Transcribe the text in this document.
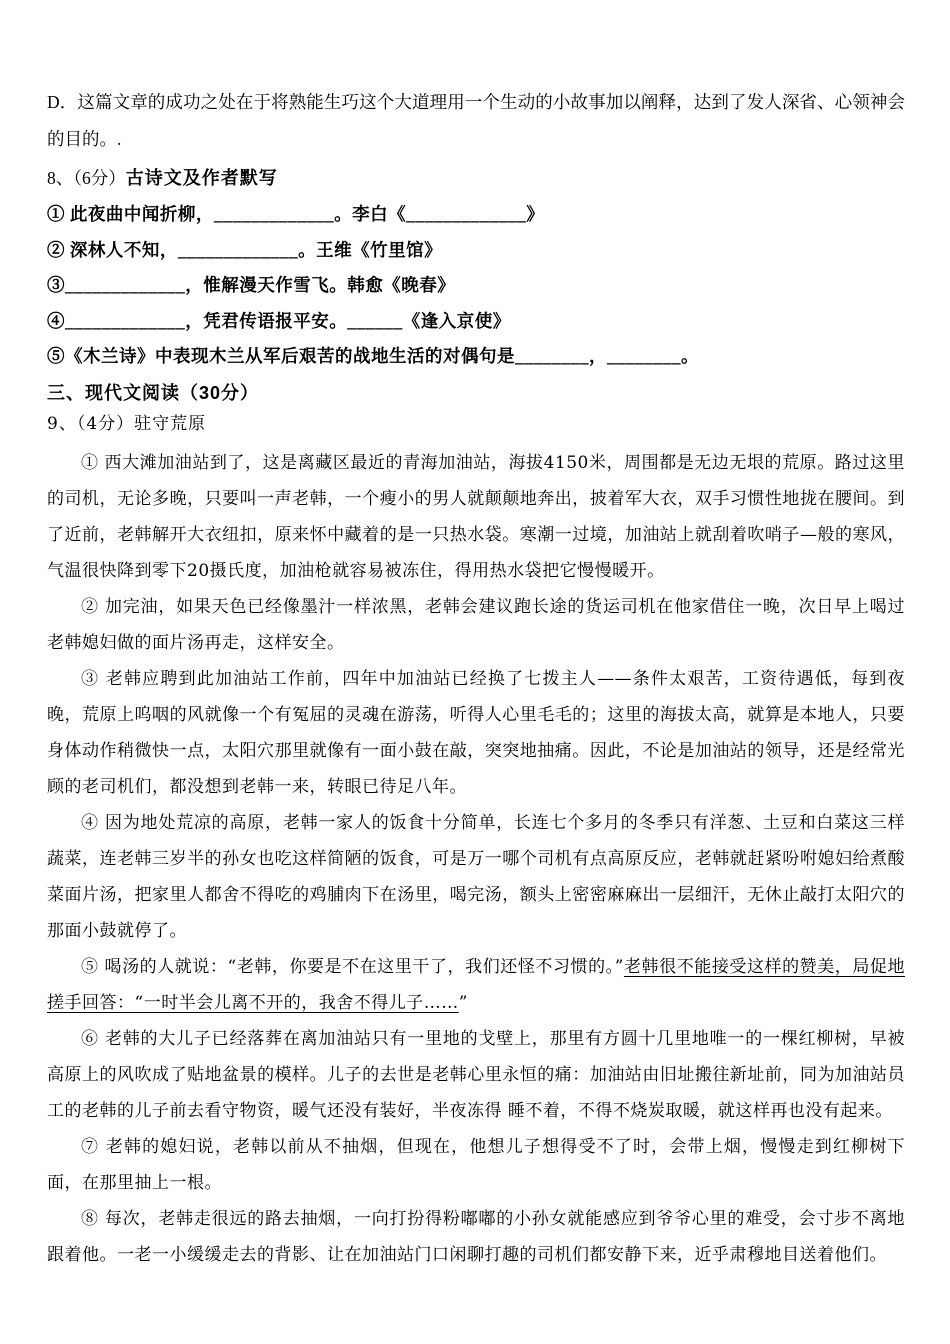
D．这篇文章的成功之处在于将熟能生巧这个大道理用一个生动的小故事加以阐释，达到了发人深省、心领神会的目的。.
8、（6分）古诗文及作者默写
① 此夜曲中闻折柳，_____________。李白《_____________》
② 深林人不知，_____________。王维《竹里馆》
③_____________，惟解漫天作雪飞。韩愈《晚春》
④_____________，凭君传语报平安。______《逢入京使》
⑤《木兰诗》中表现木兰从军后艰苦的战地生活的对偶句是________，________。
三、现代文阅读（30分）
9、（4分）驻守荒原
① 西大滩加油站到了，这是离藏区最近的青海加油站，海拔4150米，周围都是无边无垠的荒原。路过这里的司机，无论多晚，只要叫一声老韩，一个瘦小的男人就颠颠地奔出，披着军大衣，双手习惯性地拢在腰间。到了近前，老韩解开大衣纽扣，原来怀中藏着的是一只热水袋。寒潮一过境，加油站上就刮着吹哨子—般的寒风，气温很快降到零下20摄氏度，加油枪就容易被冻住，得用热水袋把它慢慢暖开。
② 加完油，如果天色已经像墨汁一样浓黑，老韩会建议跑长途的货运司机在他家借住一晚，次日早上喝过老韩媳妇做的面片汤再走，这样安全。
③ 老韩应聘到此加油站工作前，四年中加油站已经换了七拨主人——条件太艰苦，工资待遇低，每到夜晚，荒原上呜咽的风就像一个有冤屈的灵魂在游荡，听得人心里毛毛的；这里的海拔太高，就算是本地人，只要身体动作稍微快一点，太阳穴那里就像有一面小鼓在敲，突突地抽痛。因此，不论是加油站的领导，还是经常光顾的老司机们，都没想到老韩一来，转眼已待足八年。
④ 因为地处荒凉的高原，老韩一家人的饭食十分简单，长连七个多月的冬季只有洋葱、土豆和白菜这三样蔬菜，连老韩三岁半的孙女也吃这样简陋的饭食，可是万一哪个司机有点高原反应，老韩就赶紧吩咐媳妇给煮酸菜面片汤，把家里人都舍不得吃的鸡脯肉下在汤里，喝完汤，额头上密密麻麻出一层细汗，无休止敲打太阳穴的那面小鼓就停了。
⑤ 喝汤的人就说：“老韩，你要是不在这里干了，我们还怪不习惯的。”老韩很不能接受这样的赞美，局促地搓手回答：“一时半会儿离不开的，我舍不得儿子……”
⑥ 老韩的大儿子已经落葬在离加油站只有一里地的戈壁上，那里有方圆十几里地唯一的一棵红柳树，早被高原上的风吹成了贴地盆景的模样。儿子的去世是老韩心里永恒的痛：加油站由旧址搬往新址前，同为加油站员工的老韩的儿子前去看守物资，暖气还没有装好，半夜冻得 睡不着，不得不烧炭取暖，就这样再也没有起来。
⑦ 老韩的媳妇说，老韩以前从不抽烟，但现在，他想儿子想得受不了时，会带上烟，慢慢走到红柳树下面，在那里抽上一根。
⑧ 每次，老韩走很远的路去抽烟，一向打扮得粉嘟嘟的小孙女就能感应到爷爷心里的难受，会寸步不离地跟着他。一老一小缓缓走去的背影、让在加油站门口闲聊打趣的司机们都安静下来，近乎肃穆地目送着他们。
